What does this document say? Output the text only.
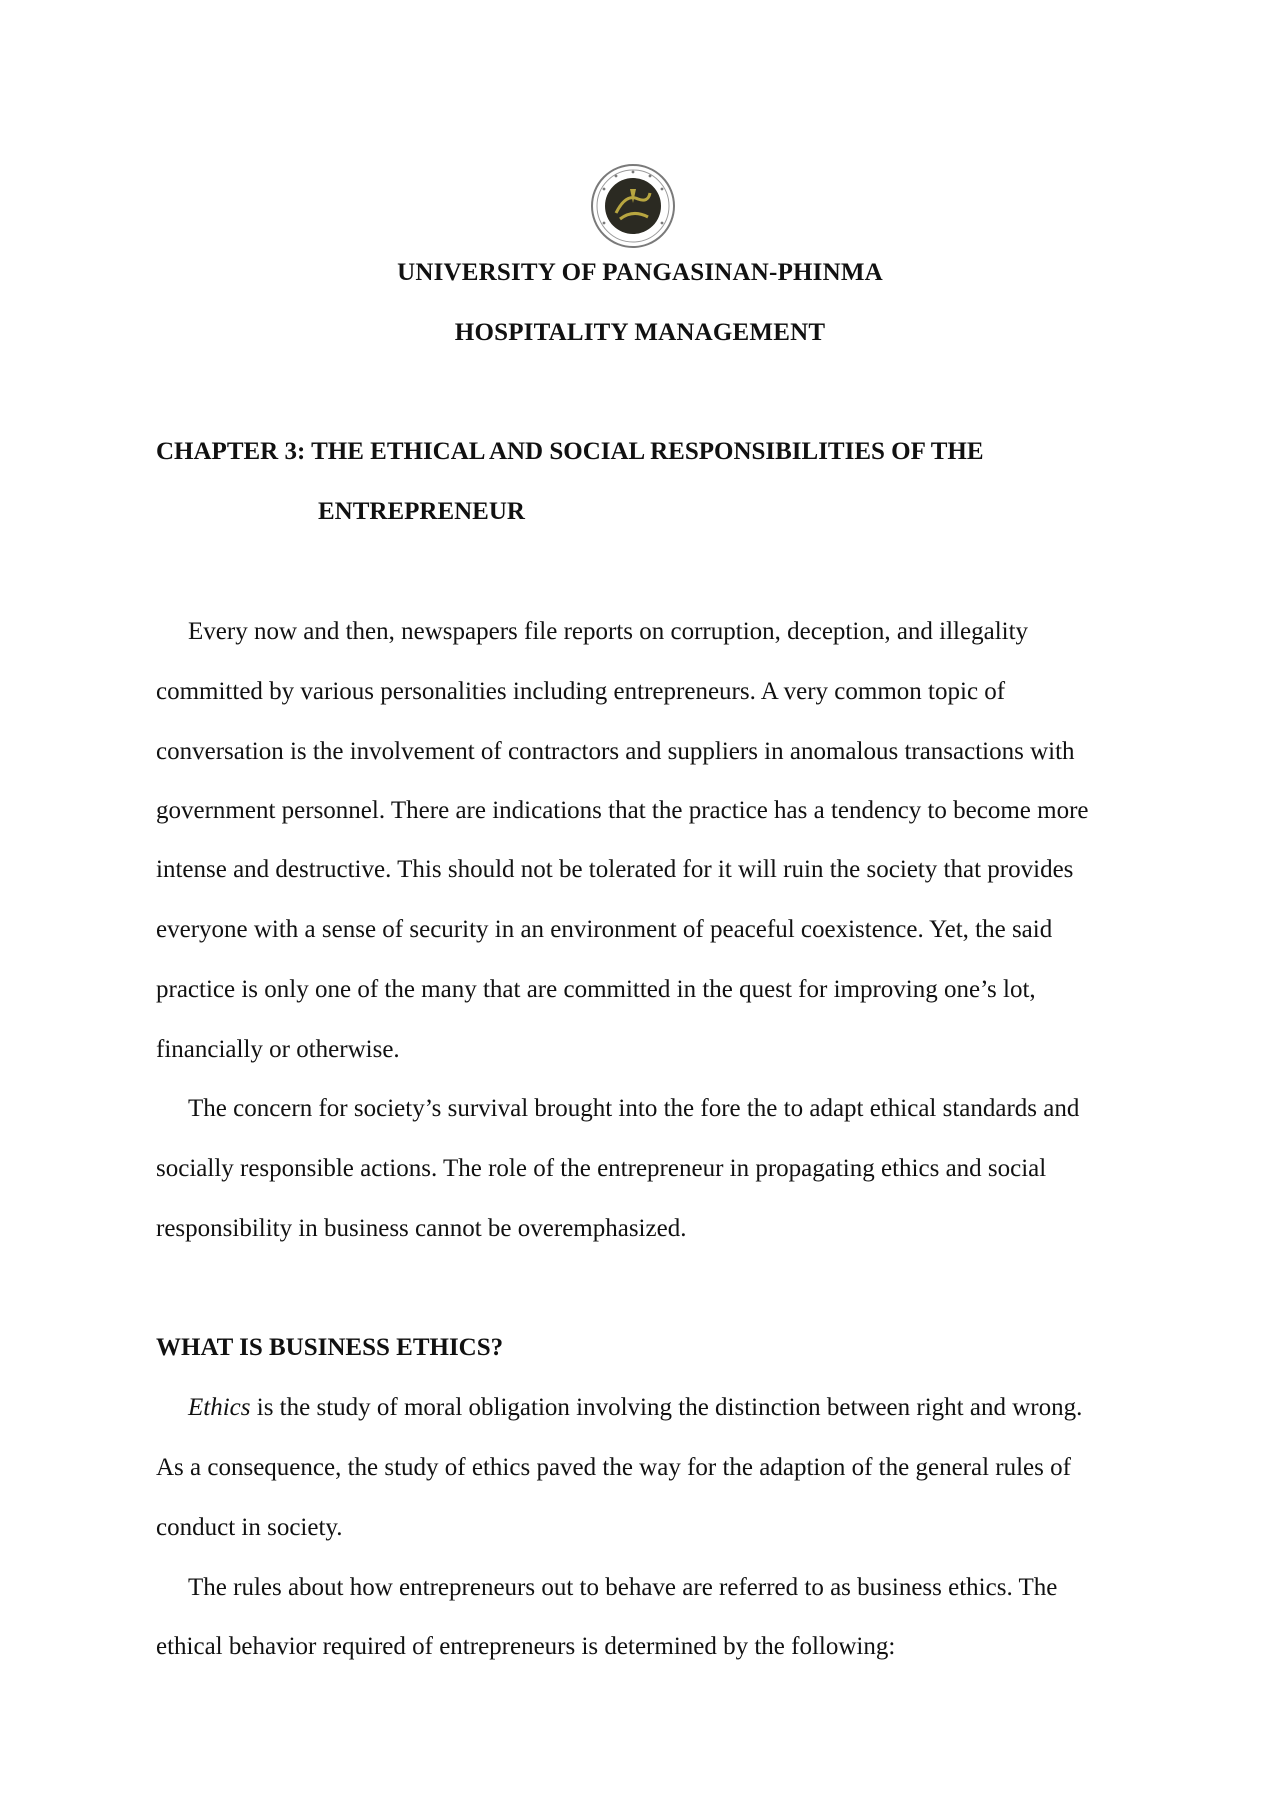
UNIVERSITY OF PANGASINAN-PHINMA
HOSPITALITY MANAGEMENT
CHAPTER 3: THE ETHICAL AND SOCIAL RESPONSIBILITIES OF THE
ENTREPRENEUR
Every now and then, newspapers file reports on corruption, deception, and illegality
committed by various personalities including entrepreneurs. A very common topic of
conversation is the involvement of contractors and suppliers in anomalous transactions with
government personnel. There are indications that the practice has a tendency to become more
intense and destructive. This should not be tolerated for it will ruin the society that provides
everyone with a sense of security in an environment of peaceful coexistence. Yet, the said
practice is only one of the many that are committed in the quest for improving one’s lot,
financially or otherwise.
The concern for society’s survival brought into the fore the to adapt ethical standards and
socially responsible actions. The role of the entrepreneur in propagating ethics and social
responsibility in business cannot be overemphasized.
WHAT IS BUSINESS ETHICS?
Ethics is the study of moral obligation involving the distinction between right and wrong.
As a consequence, the study of ethics paved the way for the adaption of the general rules of
conduct in society.
The rules about how entrepreneurs out to behave are referred to as business ethics. The
ethical behavior required of entrepreneurs is determined by the following:
